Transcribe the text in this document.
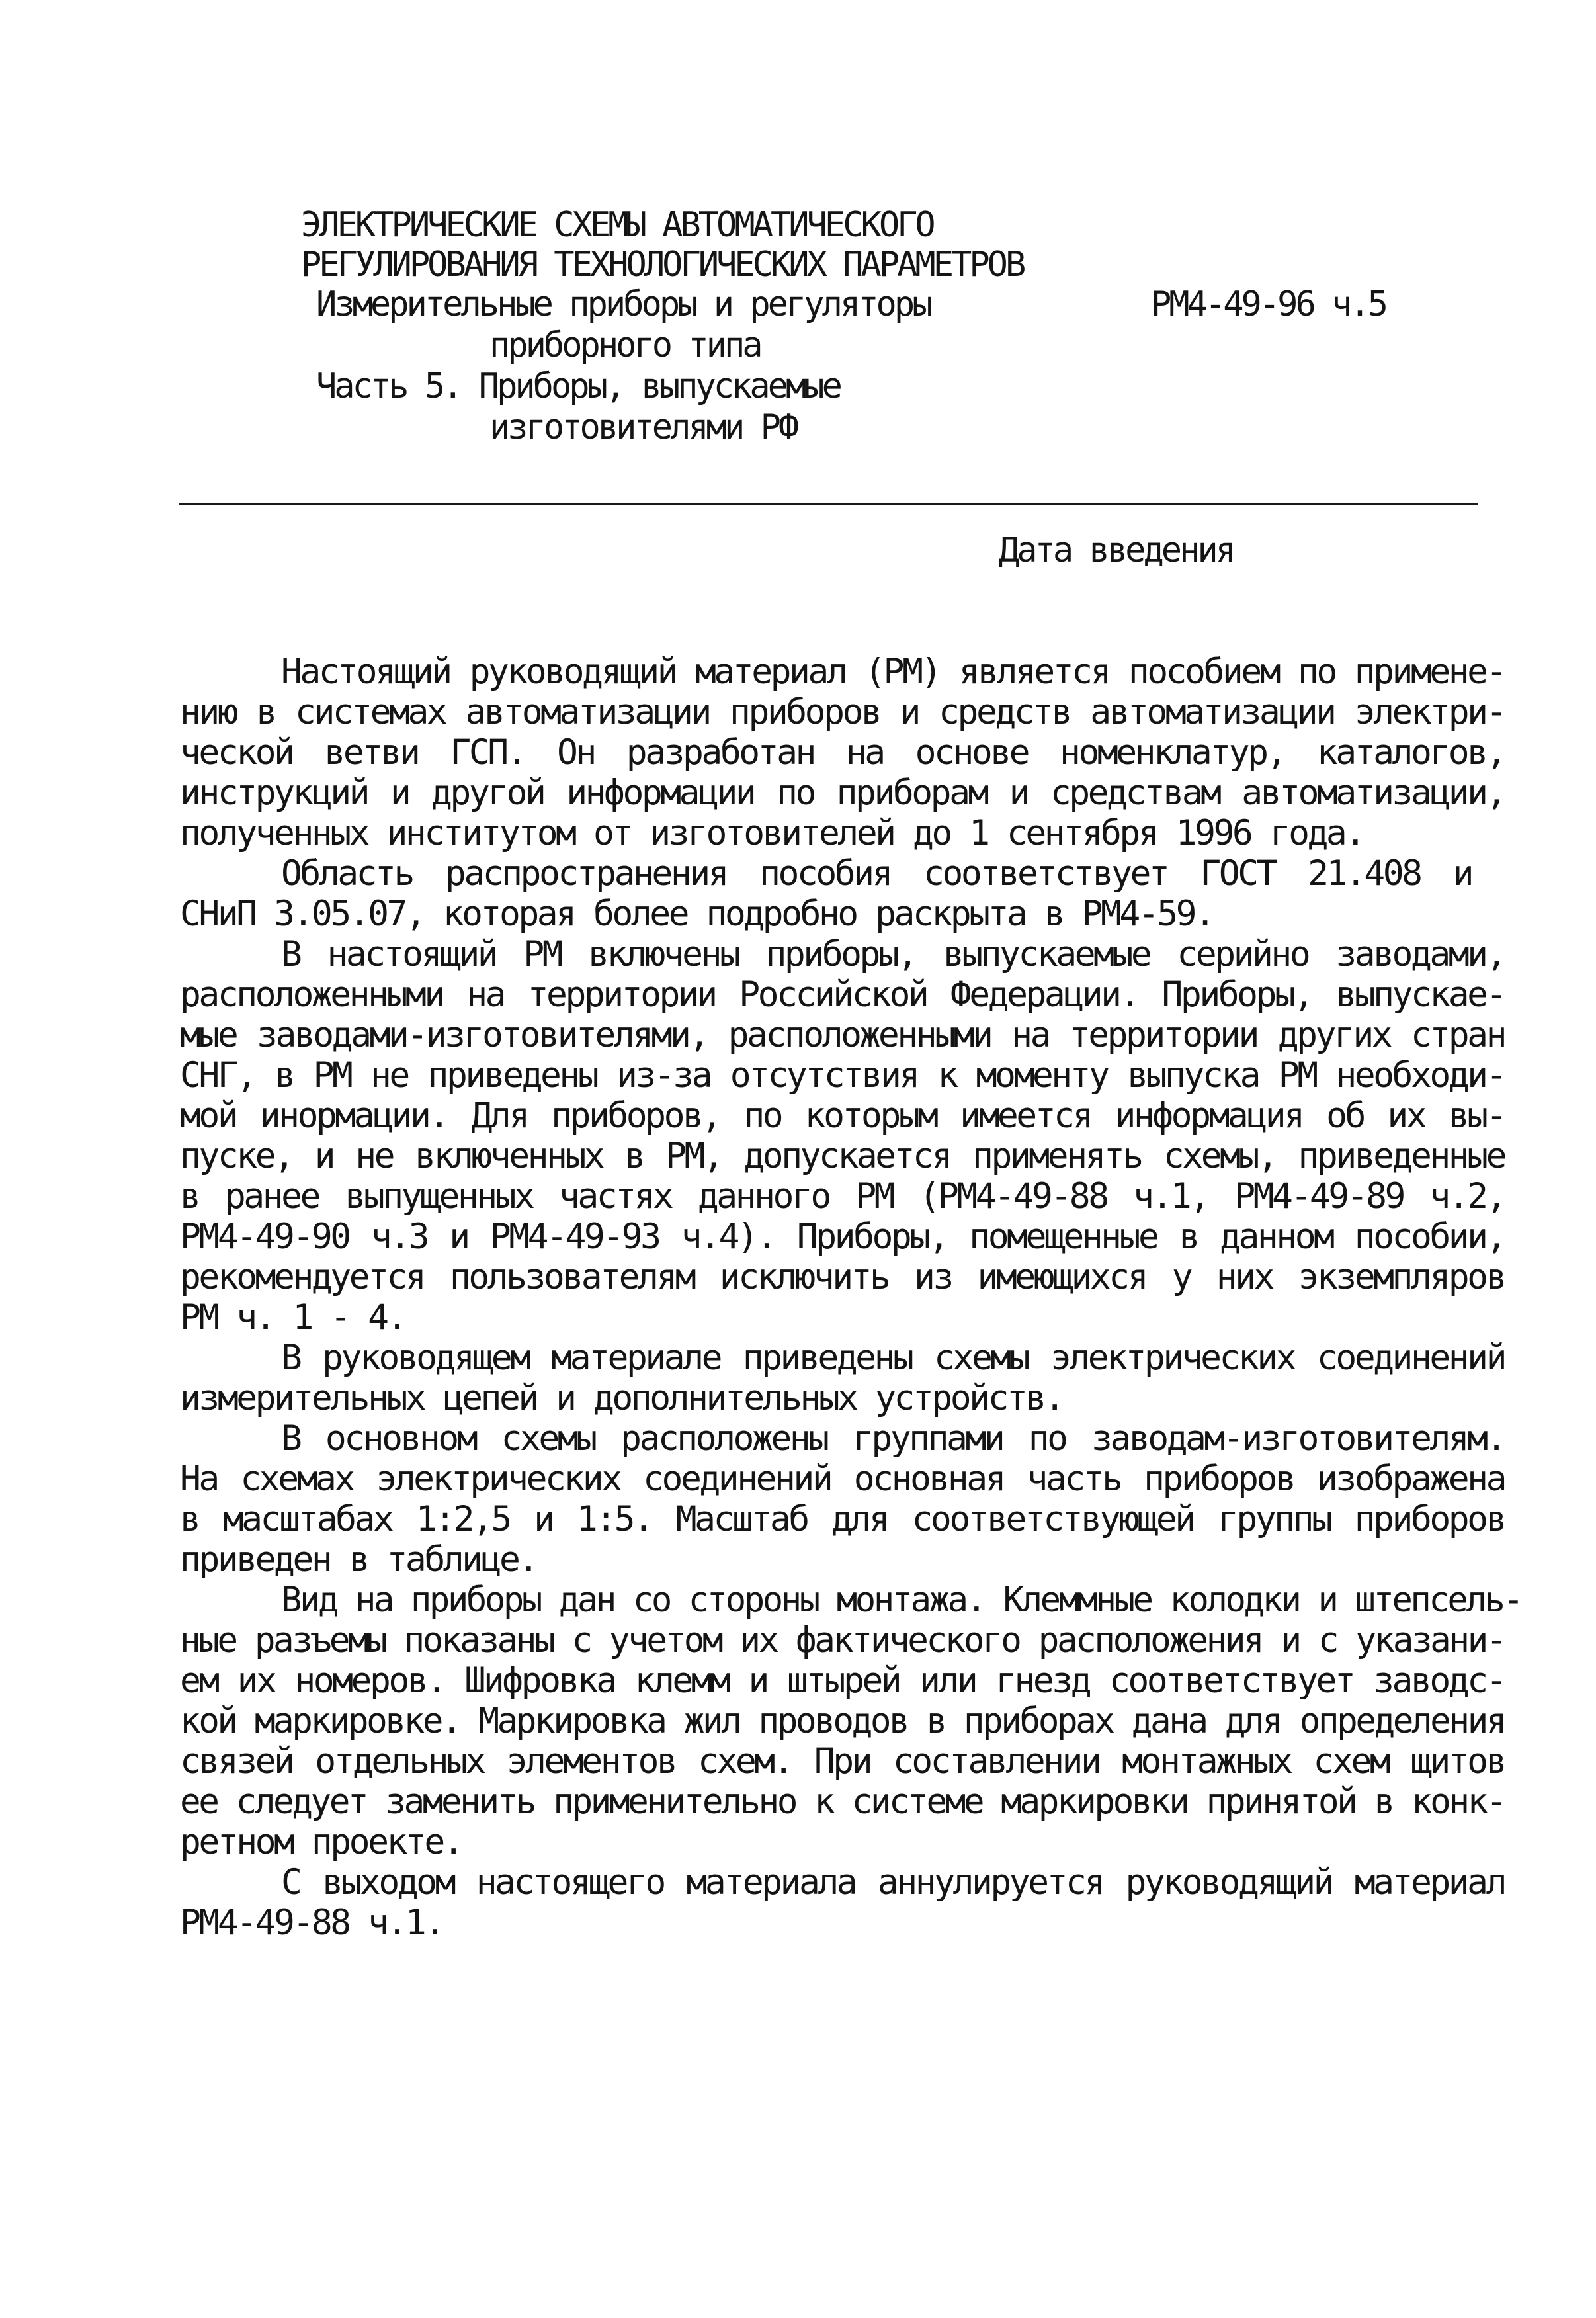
ЭЛЕКТРИЧЕСКИЕ СХЕМЫ АВТОМАТИЧЕСКОГО
РЕГУЛИРОВАНИЯ ТЕХНОЛОГИЧЕСКИХ ПАРАМЕТРОВ
Измерительные приборы и регуляторы	РМ4-49-96 ч.5
приборного типа
Часть 5. Приборы, выпускаемые
изготовителями РФ
Дата введения
Настоящий руководящий материал (РМ) является пособием по примене-
нию в системах автоматизации приборов и средств автоматизации электри-
ческой ветви ГСП. Он разработан на основе номенклатур, каталогов,
инструкций и другой информации по приборам и средствам автоматизации,
полученных институтом от изготовителей до 1 сентября 1996 года.
Область распространения пособия соответствует ГОСТ 21.408 и
СНиП 3.05.07, которая более подробно раскрыта в РМ4-59.
В настоящий РМ включены приборы, выпускаемые серийно заводами,
расположенными на территории Российской Федерации. Приборы, выпускае-
мые заводами-изготовителями, расположенными на территории других стран
СНГ, в РМ не приведены из-за отсутствия к моменту выпуска РМ необходи-
мой инормации. Для приборов, по которым имеется информация об их вы-
пуске, и не включенных в РМ, допускается применять схемы, приведенные
в ранее выпущенных частях данного РМ (РМ4-49-88 ч.1, РМ4-49-89 ч.2,
РМ4-49-90 ч.3 и РМ4-49-93 ч.4). Приборы, помещенные в данном пособии,
рекомендуется пользователям исключить из имеющихся у них экземпляров
РМ ч. 1 - 4.
В руководящем материале приведены схемы электрических соединений
измерительных цепей и дополнительных устройств.
В основном схемы расположены группами по заводам-изготовителям.
На схемах электрических соединений основная часть приборов изображена
в масштабах 1:2,5 и 1:5. Масштаб для соответствующей группы приборов
приведен в таблице.
Вид на приборы дан со стороны монтажа. Клеммные колодки и штепсель-
ные разъемы показаны с учетом их фактического расположения и с указани-
ем их номеров. Шифровка клемм и штырей или гнезд соответствует заводс-
кой маркировке. Маркировка жил проводов в приборах дана для определения
связей отдельных элементов схем. При составлении монтажных схем щитов
ее следует заменить применительно к системе маркировки принятой в конк-
ретном проекте.
С выходом настоящего материала аннулируется руководящий материал
РМ4-49-88 ч.1.
